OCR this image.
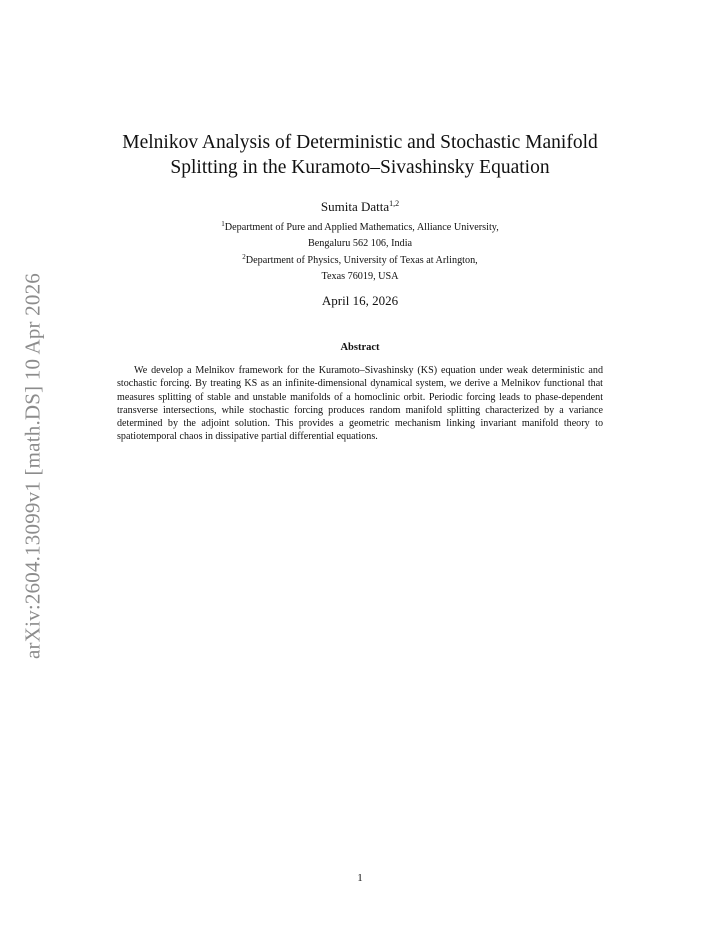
arXiv:2604.13099v1 [math.DS] 10 Apr 2026
Melnikov Analysis of Deterministic and Stochastic Manifold
Splitting in the Kuramoto–Sivashinsky Equation
Sumita Datta$^{1,2}$
$^1$Department of Pure and Applied Mathematics, Alliance University,
Bengaluru 562 106, India
$^2$Department of Physics, University of Texas at Arlington,
Texas 76019, USA
April 16, 2026
Abstract

We develop a Melnikov framework for the Kuramoto–Sivashinsky (KS) equation under weak deterministic and stochastic forcing. By treating KS as an infinite-dimensional dynamical system, we derive a Melnikov functional that measures splitting of stable and unstable manifolds of a homoclinic orbit. Periodic forcing leads to phase-dependent transverse intersections, while stochastic forcing produces random manifold splitting characterized by a variance determined by the adjoint solution. This provides a geometric mechanism linking invariant manifold theory to spatiotemporal chaos in dissipative partial differential equations.

1
